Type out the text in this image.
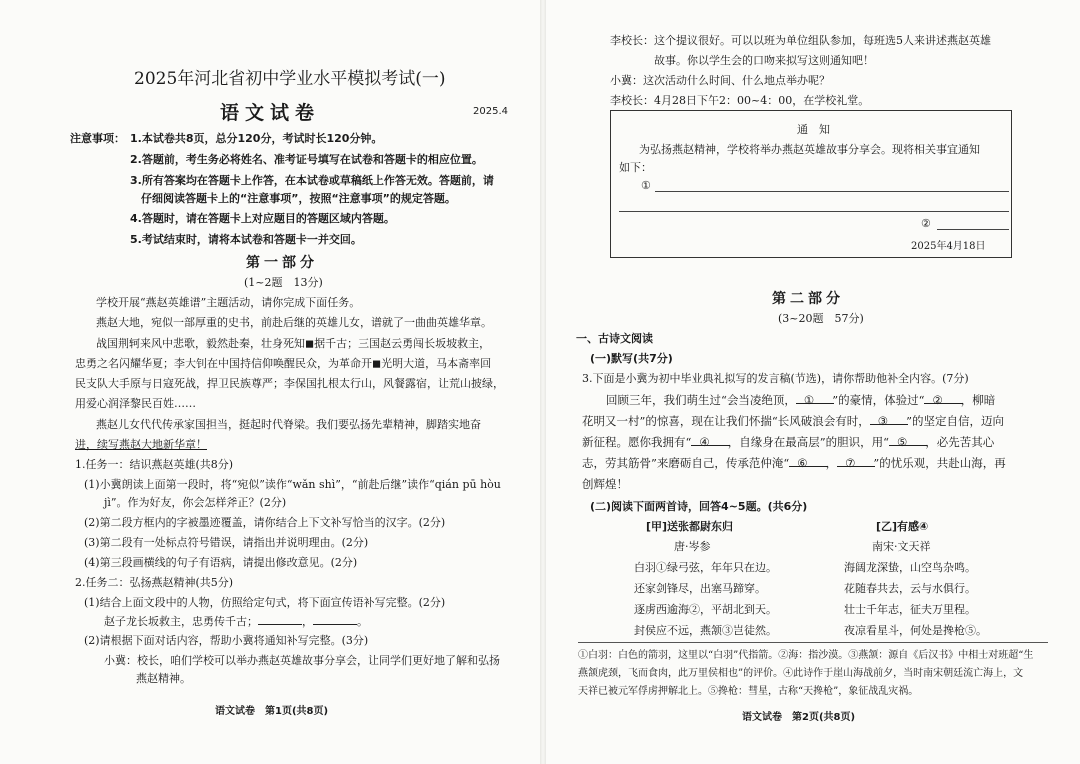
2025年河北省初中学业水平模拟考试(一)
语文试卷	2025.4
注意事项： 1.本试卷共8页，总分120分，考试时长120分钟。
2.答题前，考生务必将姓名、准考证号填写在试卷和答题卡的相应位置。
3.所有答案均在答题卡上作答，在本试卷或草稿纸上作答无效。答题前，请
仔细阅读答题卡上的“注意事项”，按照“注意事项”的规定答题。
4.答题时，请在答题卡上对应题目的答题区域内答题。
5.考试结束时，请将本试卷和答题卡一并交回。
第一部分
(1~2题　13分)
学校开展“燕赵英雄谱”主题活动，请你完成下面任务。
燕赵大地，宛似一部厚重的史书，前赴后继的英雄儿女，谱就了一曲曲英雄华章。
战国荆轲来风中悲歌，毅然赴秦，壮身死知◼据千古；三国赵云勇闯长坂坡救主，
忠勇之名闪耀华夏；李大钊在中国持信仰唤醒民众，为革命开◼光明大道，马本斋率回
民支队大手原与日寇死战，捍卫民族尊严；李保国扎根太行山，风餐露宿，让荒山披绿，
用爱心润泽黎民百姓……
燕赵儿女代代传承家国担当，挺起时代脊梁。我们要弘扬先辈精神，脚踏实地奋
进，续写燕赵大地新华章！
1.任务一：结识燕赵英雄(共8分)
(1)小冀朗读上面第一段时，将“宛似”读作“wǎn shì”，“前赴后继”读作“qián pū hòu
jì”。作为好友，你会怎样斧正？(2分)
(2)第二段方框内的字被墨迹覆盖，请你结合上下文补写恰当的汉字。(2分)
(3)第二段有一处标点符号错误，请指出并说明理由。(2分)
(4)第三段画横线的句子有语病，请提出修改意见。(2分)
2.任务二：弘扬燕赵精神(共5分)
(1)结合上面文段中的人物，仿照给定句式，将下面宣传语补写完整。(2分)
赵子龙长坂救主，忠勇传千古；	，	。
(2)请根据下面对话内容，帮助小冀将通知补写完整。(3分)
小冀：校长，咱们学校可以举办燕赵英雄故事分享会，让同学们更好地了解和弘扬
燕赵精神。
语文试卷　第1页(共8页)
李校长：这个提议很好。可以以班为单位组队参加，每班选5人来讲述燕赵英雄
故事。你以学生会的口吻来拟写这则通知吧！
小冀：这次活动什么时间、什么地点举办呢？
李校长：4月28日下午2：00~4：00，在学校礼堂。
通　知
为弘扬燕赵精神，学校将举办燕赵英雄故事分享会。现将相关事宜通知
如下：
①
②
2025年4月18日
第二部分
(3~20题　57分)
一、古诗文阅读
(一)默写(共7分)
3.下面是小冀为初中毕业典礼拟写的发言稿(节选)，请你帮助他补全内容。(7分)
回顾三年，我们萌生过“会当凌绝顶， ① ”的豪情，体验过“ ② ，柳暗
花明又一村”的惊喜，现在让我们怀揣“长风破浪会有时， ③ ”的坚定自信，迈向
新征程。愿你我拥有“ ④ ，自缘身在最高层”的胆识，用“ ⑤ ，必先苦其心
志，劳其筋骨”来磨砺自己，传承范仲淹“ ⑥ ， ⑦ ”的忧乐观，共赴山海，再
创辉煌！
(二)阅读下面两首诗，回答4~5题。(共6分)
[甲]送张都尉东归
唐·岑参
白羽①绿弓弦，年年只在边。
还家剑锋尽，出塞马蹄穿。
逐虏西逾海②，平胡北到天。
封侯应不远，燕颔③岂徒然。
[乙]有感④
南宋·文天祥
海阔龙深蛰，山空鸟杂鸣。
花随春共去，云与水俱行。
壮士千年志，征夫万里程。
夜凉看星斗，何处是搀枪⑤。
①白羽：白色的箭羽，这里以“白羽”代指箭。②海：指沙漠。③燕颔：源自《后汉书》中相士对班超“生
燕颔虎颈，飞而食肉，此万里侯相也”的评价。④此诗作于崖山海战前夕，当时南宋朝廷流亡海上，文
天祥已被元军俘虏押解北上。⑤搀枪：彗星，古称“天搀枪”，象征战乱灾祸。
语文试卷　第2页(共8页)
